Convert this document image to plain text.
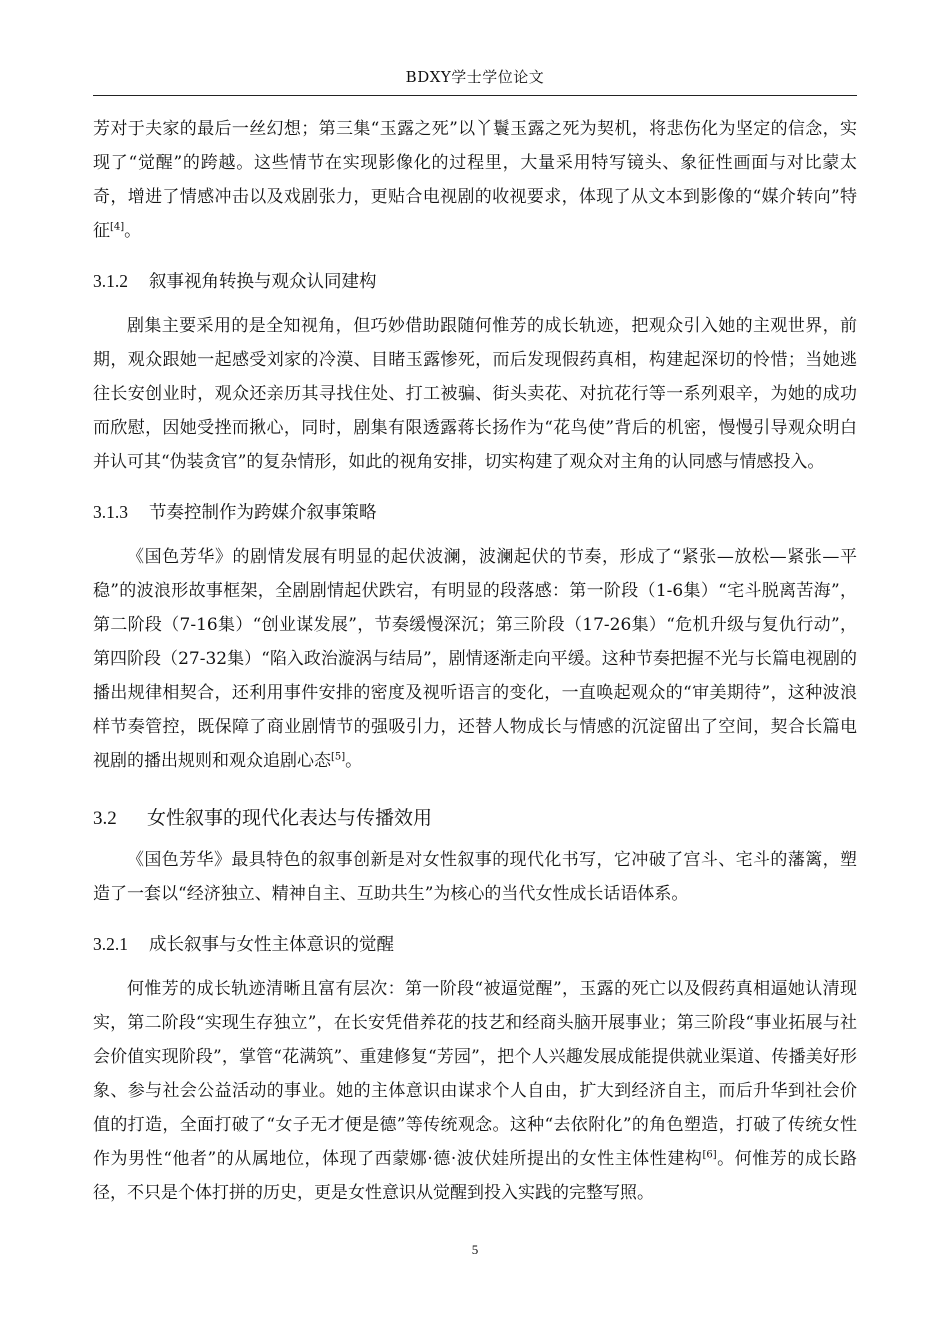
BDXY学士学位论文

芳对于夫家的最后一丝幻想；第三集“玉露之死”以丫鬟玉露之死为契机，将悲伤化为坚定的信念，实现了“觉醒”的跨越。这些情节在实现影像化的过程里，大量采用特写镜头、象征性画面与对比蒙太奇，增进了情感冲击以及戏剧张力，更贴合电视剧的收视要求，体现了从文本到影像的“媒介转向”特征[4]。

3.1.2 叙事视角转换与观众认同建构

剧集主要采用的是全知视角，但巧妙借助跟随何惟芳的成长轨迹，把观众引入她的主观世界，前期，观众跟她一起感受刘家的冷漠、目睹玉露惨死，而后发现假药真相，构建起深切的怜惜；当她逃往长安创业时，观众还亲历其寻找住处、打工被骗、街头卖花、对抗花行等一系列艰辛，为她的成功而欣慰，因她受挫而揪心，同时，剧集有限透露蒋长扬作为“花鸟使”背后的机密，慢慢引导观众明白并认可其“伪装贪官”的复杂情形，如此的视角安排，切实构建了观众对主角的认同感与情感投入。

3.1.3 节奏控制作为跨媒介叙事策略

《国色芳华》的剧情发展有明显的起伏波澜，波澜起伏的节奏，形成了“紧张—放松—紧张—平稳”的波浪形故事框架，全剧剧情起伏跌宕，有明显的段落感：第一阶段（1-6集）“宅斗脱离苦海”，第二阶段（7-16集）“创业谋发展”，节奏缓慢深沉；第三阶段（17-26集）“危机升级与复仇行动”，第四阶段（27-32集）“陷入政治漩涡与结局”，剧情逐渐走向平缓。这种节奏把握不光与长篇电视剧的播出规律相契合，还利用事件安排的密度及视听语言的变化，一直唤起观众的“审美期待”，这种波浪样节奏管控，既保障了商业剧情节的强吸引力，还替人物成长与情感的沉淀留出了空间，契合长篇电视剧的播出规则和观众追剧心态[5]。

3.2 女性叙事的现代化表达与传播效用

《国色芳华》最具特色的叙事创新是对女性叙事的现代化书写，它冲破了宫斗、宅斗的藩篱，塑造了一套以“经济独立、精神自主、互助共生”为核心的当代女性成长话语体系。

3.2.1 成长叙事与女性主体意识的觉醒

何惟芳的成长轨迹清晰且富有层次：第一阶段“被逼觉醒”，玉露的死亡以及假药真相逼她认清现实，第二阶段“实现生存独立”，在长安凭借养花的技艺和经商头脑开展事业；第三阶段“事业拓展与社会价值实现阶段”，掌管“花满筑”、重建修复“芳园”，把个人兴趣发展成能提供就业渠道、传播美好形象、参与社会公益活动的事业。她的主体意识由谋求个人自由，扩大到经济自主，而后升华到社会价值的打造，全面打破了“女子无才便是德”等传统观念。这种“去依附化”的角色塑造，打破了传统女性作为男性“他者”的从属地位，体现了西蒙娜·德·波伏娃所提出的女性主体性建构[6]。何惟芳的成长路径，不只是个体打拼的历史，更是女性意识从觉醒到投入实践的完整写照。

5
